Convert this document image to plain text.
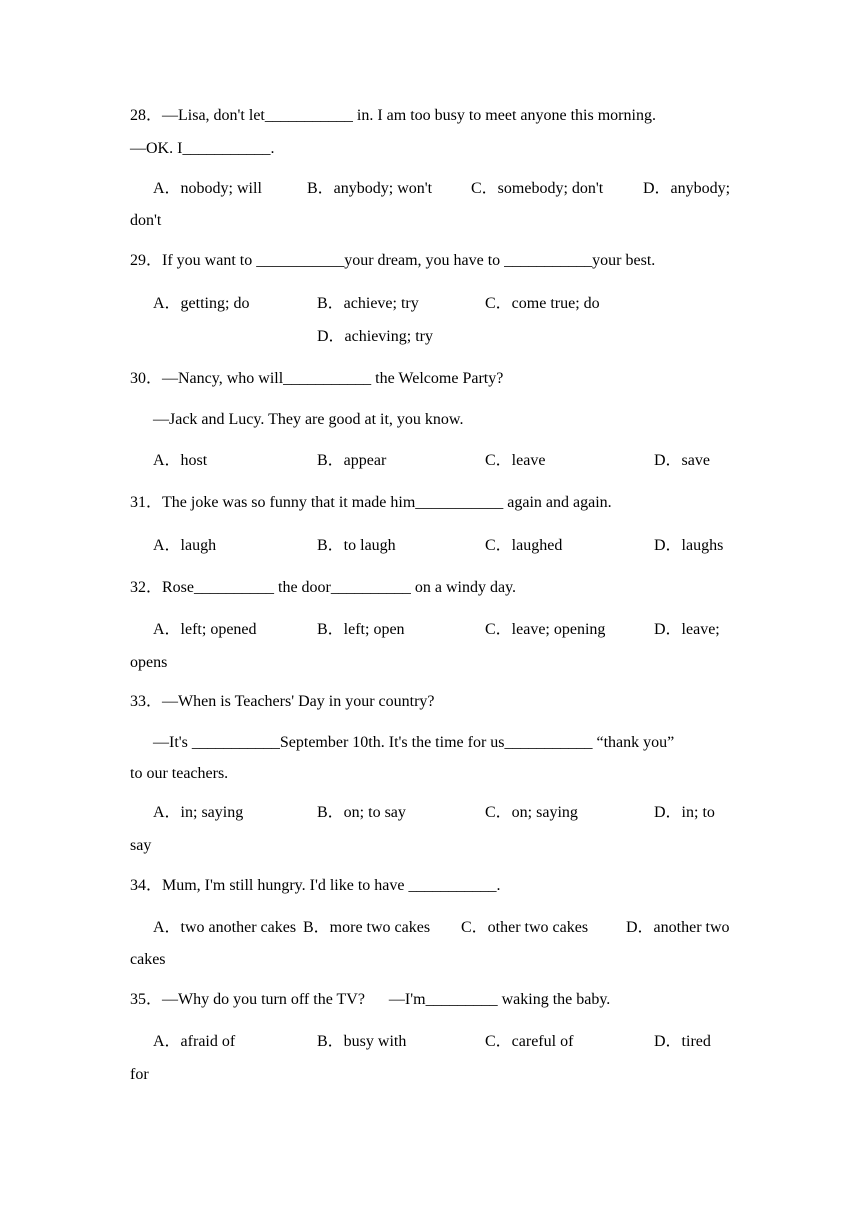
28．—Lisa, don't let___________ in. I am too busy to meet anyone this morning.
—OK. I___________.
A．nobody; will	B．anybody; won't C．somebody; don't D．anybody;
don't
29．If you want to ___________your dream, you have to ___________your best.
A．getting; do	B．achieve; try	C．come true; do
D．achieving; try
30．—Nancy, who will___________ the Welcome Party?
—Jack and Lucy. They are good at it, you know.
A．host	B．appear	C．leave	D．save
31．The joke was so funny that it made him___________ again and again.
A．laugh	B．to laugh	C．laughed	D．laughs
32．Rose__________ the door__________ on a windy day.
A．left; opened	B．left; open	C．leave; opening	D．leave;
opens
33．—When is Teachers' Day in your country?
—It's ___________September 10th. It's the time for us___________ “thank you”
to our teachers.
A．in; saying	B．on; to say	C．on; saying	D．in; to
say
34．Mum, I'm still hungry. I'd like to have ___________.
A．two another cakes B．more two cakes C．other two cakes D．another two
cakes
35．—Why do you turn off the TV?      —I'm_________ waking the baby.
A．afraid of	B．busy with	C．careful of	D．tired
for
